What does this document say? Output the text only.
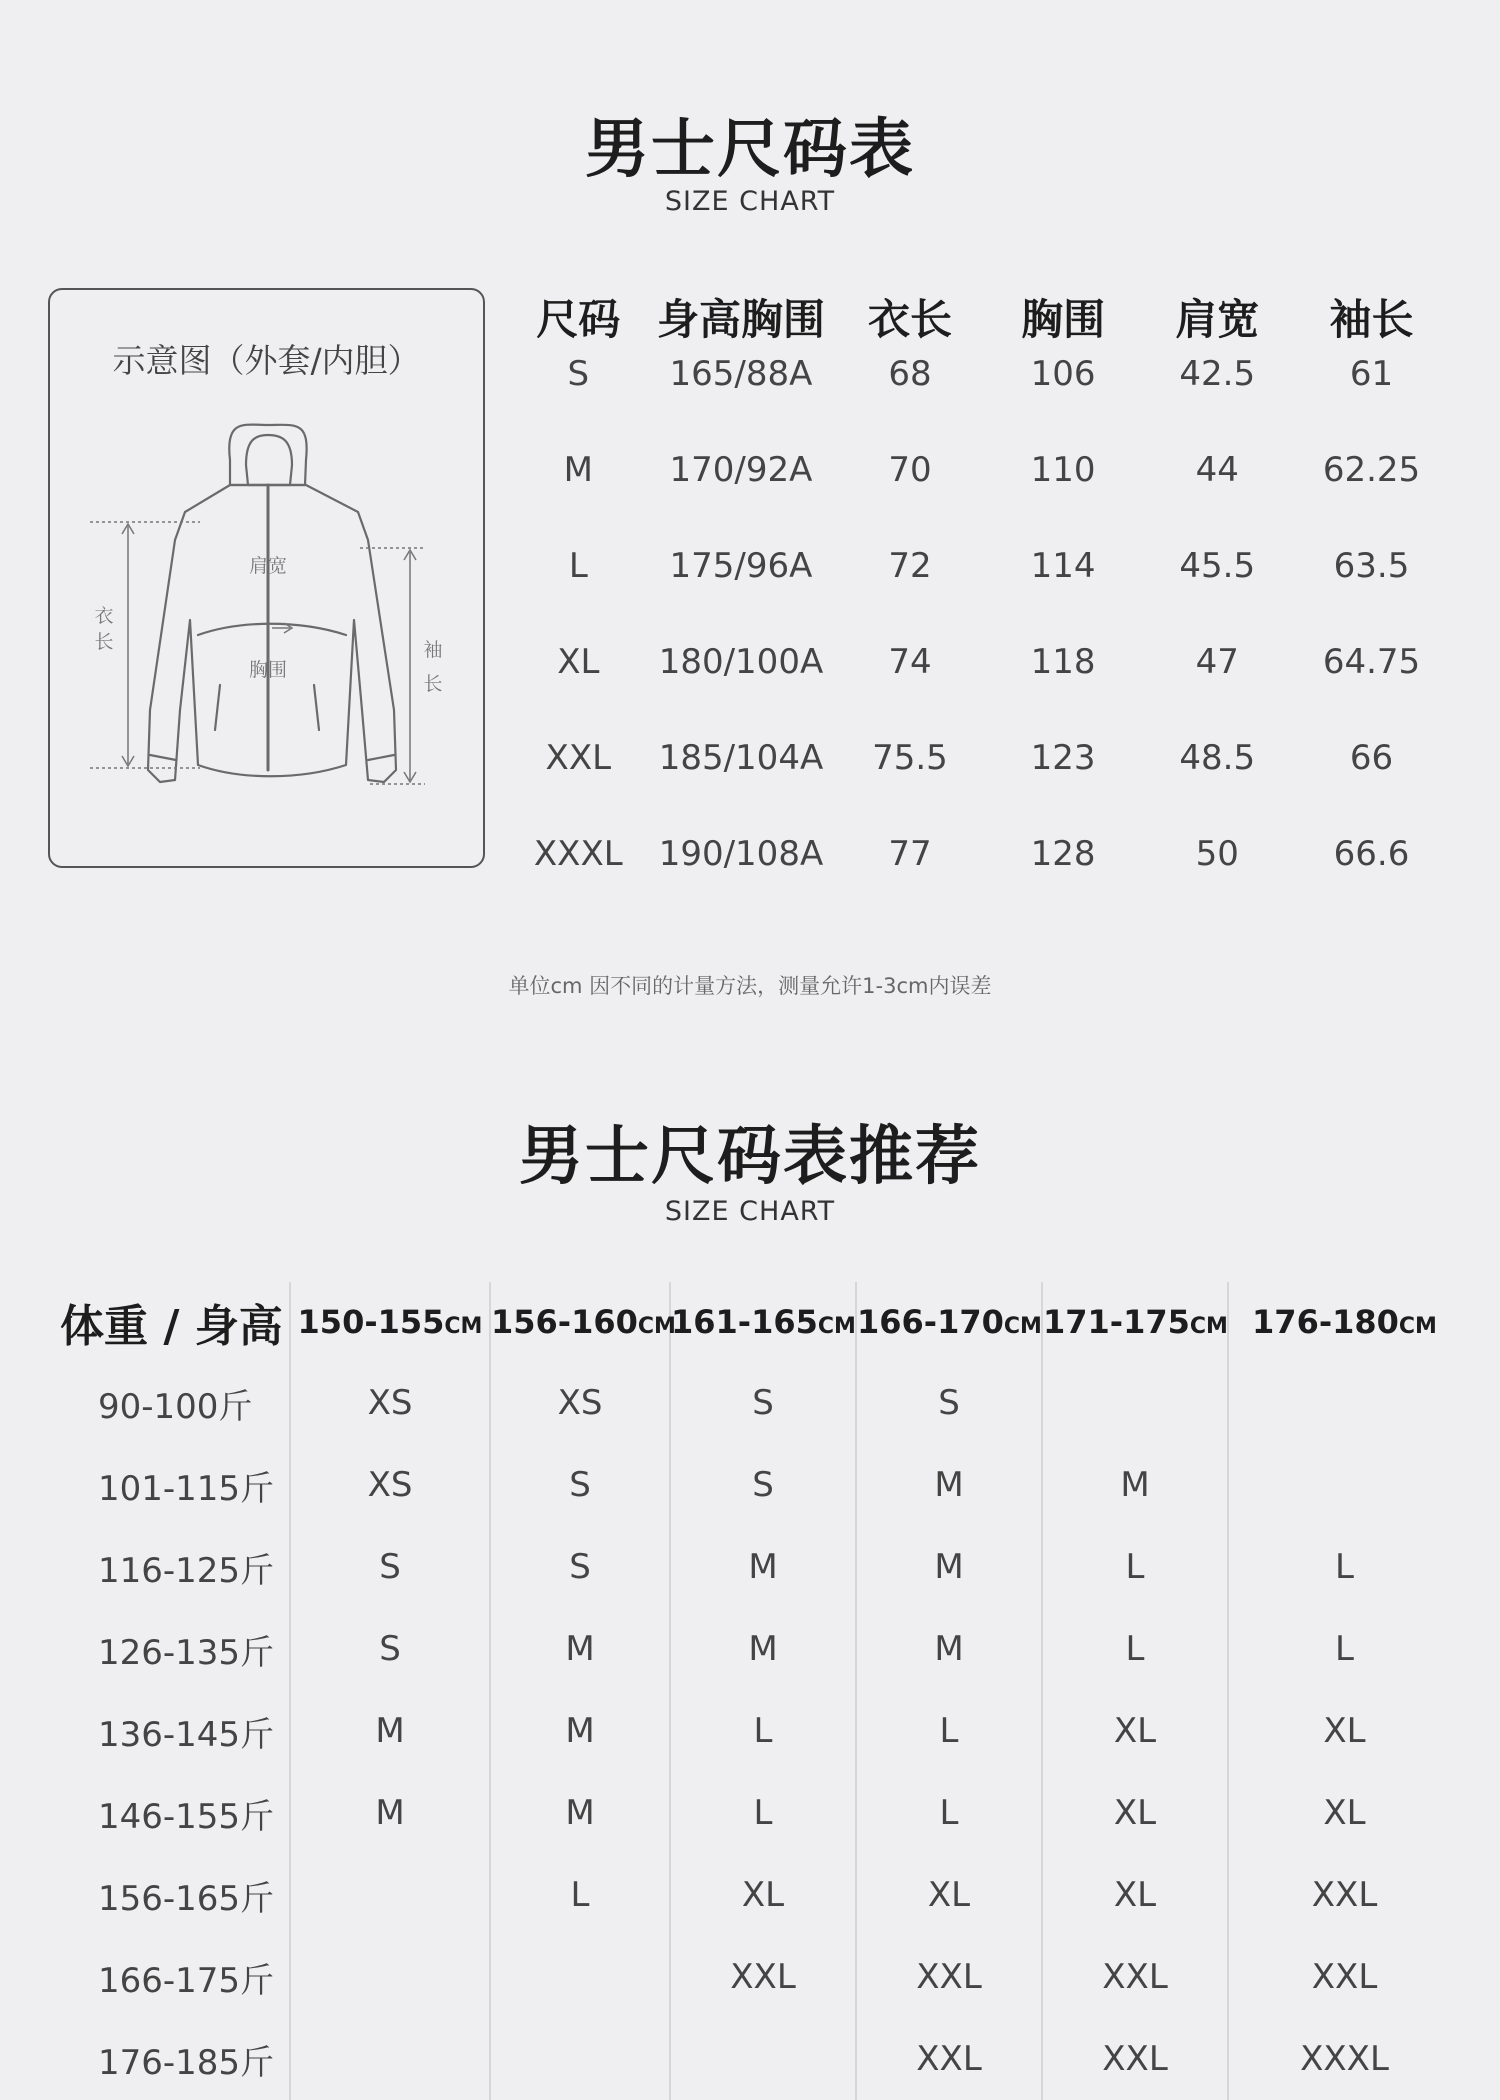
男士尺码表
SIZE CHART
示意图（外套/内胆）
肩宽
胸围
衣
长	袖
长
尺码	身高胸围	衣长	胸围	肩宽	袖长
S	165/88A	68	106	42.5	61
M	170/92A	70	110	44	62.25
L	175/96A	72	114	45.5	63.5
XL	180/100A	74	118	47	64.75
XXL	185/104A	75.5	123	48.5	66
XXXL	190/108A	77	128	50	66.6
单位cm 因不同的计量方法，测量允许1-3cm内误差
男士尺码表推荐
SIZE CHART
体重 / 身高	150-155CM	156-160CM	161-165CM	166-170CM	171-175CM	176-180CM
90-100斤	XS	XS	S	S		
101-115斤	XS	S	S	M	M	
116-125斤	S	S	M	M	L	L
126-135斤	S	M	M	M	L	L
136-145斤	M	M	L	L	XL	XL
146-155斤	M	M	L	L	XL	XL
156-165斤		L	XL	XL	XL	XXL
166-175斤			XXL	XXL	XXL	XXL
176-185斤				XXL	XXL	XXXL
